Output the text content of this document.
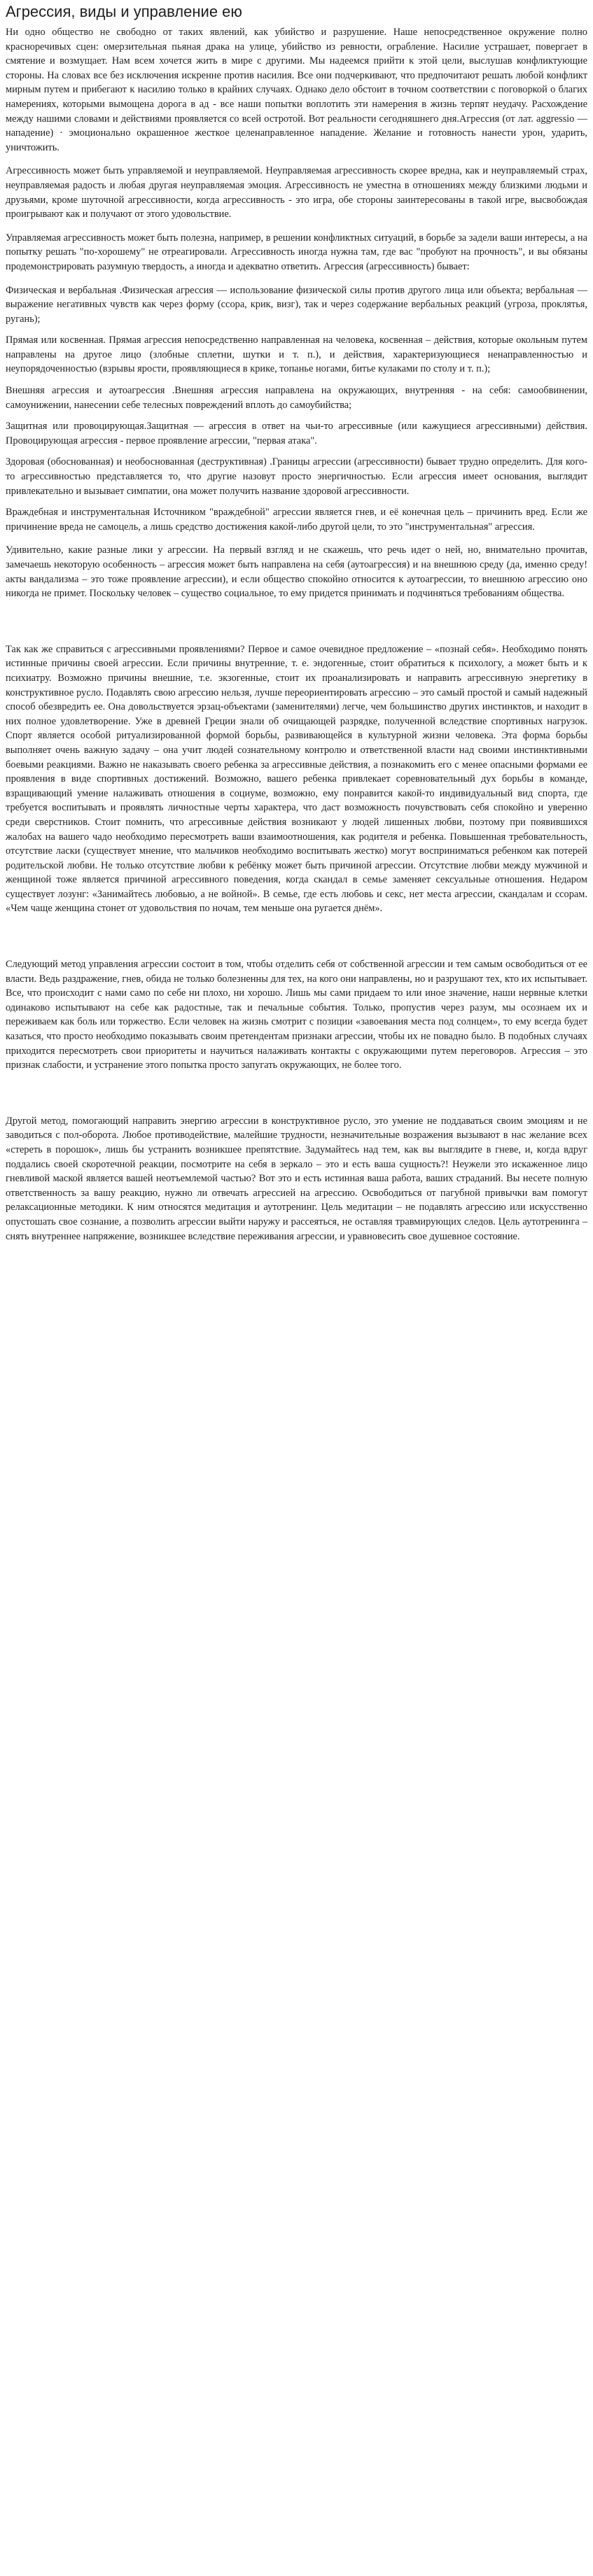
Агрессия, виды и управление ею

Ни одно общество не свободно от таких явлений, как убийство и разрушение. Наше непосредственное окружение полно красноречивых сцен: омерзительная пьяная драка на улице, убийство из ревности, ограбление. Насилие устрашает, повергает в смятение и возмущает. Нам всем хочется жить в мире с другими. Мы надеемся прийти к этой цели, выслушав конфликтующие стороны. На словах все без исключения искренне против насилия. Все они подчеркивают, что предпочитают решать любой конфликт мирным путем и прибегают к насилию только в крайних случаях. Однако дело обстоит в точном соответствии с поговоркой о благих намерениях, которыми вымощена дорога в ад - все наши попытки воплотить эти намерения в жизнь терпят неудачу. Расхождение между нашими словами и действиями проявляется со всей остротой. Вот реальности сегодняшнего дня.Агрессия (от лат. aggressio — нападение) · эмоционально окрашенное жесткое целенаправленное нападение. Желание и готовность нанести урон, ударить, уничтожить.

Агрессивность может быть управляемой и неуправляемой. Неуправляемая агрессивность скорее вредна, как и неуправляемый страх, неуправляемая радость и любая другая неуправляемая эмоция. Агрессивность не уместна в отношениях между близкими людьми и друзьями, кроме шуточной агрессивности, когда агрессивность - это игра, обе стороны заинтересованы в такой игре, высвобождая проигрывают как и получают от этого удовольствие.

Управляемая агрессивность может быть полезна, например, в решении конфликтных ситуаций, в борьбе за задели ваши интересы, а на попытку решать "по-хорошему" не отреагировали. Агрессивность иногда нужна там, где вас "пробуют на прочность", и вы обязаны продемонстрировать разумную твердость, а иногда и адекватно ответить. Агрессия (агрессивность) бывает:

Физическая и вербальная .Физическая агрессия — использование физической силы против другого лица или объекта; вербальная — выражение негативных чувств как через форму (ссора, крик, визг), так и через содержание вербальных реакций (угроза, проклятья, ругань);

Прямая или косвенная. Прямая агрессия непосредственно направленная на человека, косвенная – действия, которые окольным путем направлены на другое лицо (злобные сплетни, шутки и т. п.), и действия, характеризующиеся ненаправленностью и неупорядоченностью (взрывы ярости, проявляющиеся в крике, топанье ногами, битье кулаками по столу и т. п.);

Внешняя агрессия и аутоагрессия .Внешняя агрессия направлена на окружающих, внутренняя - на себя: самообвинении, самоунижении, нанесении себе телесных повреждений вплоть до самоубийства;

Защитная или провоцирующая.Защитная — агрессия в ответ на чьи-то агрессивные (или кажущиеся агрессивными) действия. Провоцирующая агрессия - первое проявление агрессии, "первая атака".

Здоровая (обоснованная) и необоснованная (деструктивная) .Границы агрессии (агрессивности) бывает трудно определить. Для кого-то агрессивностью представляется то, что другие назовут просто энергичностью. Если агрессия имеет основания, выглядит привлекательно и вызывает симпатии, она может получить название здоровой агрессивности.

Враждебная и инструментальная Источником "враждебной" агрессии является гнев, и её конечная цель – причинить вред. Если же причинение вреда не самоцель, а лишь средство достижения какой-либо другой цели, то это "инструментальная" агрессия.

Удивительно, какие разные лики у агрессии. На первый взгляд и не скажешь, что речь идет о ней, но, внимательно прочитав, замечаешь некоторую особенность – агрессия может быть направлена на себя (аутоагрессия) и на внешнюю среду (да, именно среду! акты вандализма – это тоже проявление агрессии), и если общество спокойно относится к аутоагрессии, то внешнюю агрессию оно никогда не примет. Поскольку человек – существо социальное, то ему придется принимать и подчиняться требованиям общества.

Так как же справиться с агрессивными проявлениями? Первое и самое очевидное предложение – «познай себя». Необходимо понять истинные причины своей агрессии. Если причины внутренние, т. е. эндогенные, стоит обратиться к психологу, а может быть и к психиатру. Возможно причины внешние, т.е. экзогенные, стоит их проанализировать и направить агрессивную энергетику в конструктивное русло. Подавлять свою агрессию нельзя, лучше переориентировать агрессию – это самый простой и самый надежный способ обезвредить ее. Она довольствуется эрзац-объектами (заменителями) легче, чем большинство других инстинктов, и находит в них полное удовлетворение. Уже в древней Греции знали об очищающей разрядке, полученной вследствие спортивных нагрузок. Спорт является особой ритуализированной формой борьбы, развивающейся в культурной жизни человека. Эта форма борьбы выполняет очень важную задачу – она учит людей сознательному контролю и ответственной власти над своими инстинктивными боевыми реакциями. Важно не наказывать своего ребенка за агрессивные действия, а познакомить его с менее опасными формами ее проявления в виде спортивных достижений. Возможно, вашего ребенка привлекает соревновательный дух борьбы в команде, взращивающий умение налаживать отношения в социуме, возможно, ему понравится какой-то индивидуальный вид спорта, где требуется воспитывать и проявлять личностные черты характера, что даст возможность почувствовать себя спокойно и уверенно среди сверстников. Стоит помнить, что агрессивные действия возникают у людей лишенных любви, поэтому при появившихся жалобах на вашего чадо необходимо пересмотреть ваши взаимоотношения, как родителя и ребенка. Повышенная требовательность, отсутствие ласки (существует мнение, что мальчиков необходимо воспитывать жестко) могут восприниматься ребенком как потерей родительской любви. Не только отсутствие любви к ребёнку может быть причиной агрессии. Отсутствие любви между мужчиной и женщиной тоже является причиной агрессивного поведения, когда скандал в семье заменяет сексуальные отношения. Недаром существует лозунг: «Занимайтесь любовью, а не войной». В семье, где есть любовь и секс, нет места агрессии, скандалам и ссорам. «Чем чаще женщина стонет от удовольствия по ночам, тем меньше она ругается днём».

Следующий метод управления агрессии состоит в том, чтобы отделить себя от собственной агрессии и тем самым освободиться от ее власти. Ведь раздражение, гнев, обида не только болезненны для тех, на кого они направлены, но и разрушают тех, кто их испытывает. Все, что происходит с нами само по себе ни плохо, ни хорошо. Лишь мы сами придаем то или иное значение, наши нервные клетки одинаково испытывают на себе как радостные, так и печальные события. Только, пропустив через разум, мы осознаем их и переживаем как боль или торжество. Если человек на жизнь смотрит с позиции «завоевания места под солнцем», то ему всегда будет казаться, что просто необходимо показывать своим претендентам признаки агрессии, чтобы их не повадно было. В подобных случаях приходится пересмотреть свои приоритеты и научиться налаживать контакты с окружающими путем переговоров. Агрессия – это признак слабости, и устранение этого попытка просто запугать окружающих, не более того.

Другой метод, помогающий направить энергию агрессии в конструктивное русло, это умение не поддаваться своим эмоциям и не заводиться с пол-оборота. Любое противодействие, малейшие трудности, незначительные возражения вызывают в нас желание всех «стереть в порошок», лишь бы устранить возникшее препятствие. Задумайтесь над тем, как вы выглядите в гневе, и, когда вдруг поддались своей скоротечной реакции, посмотрите на себя в зеркало – это и есть ваша сущность?! Неужели это искаженное лицо гневливой маской является вашей неотъемлемой частью? Вот это и есть истинная ваша работа, ваших страданий. Вы несете полную ответственность за вашу реакцию, нужно ли отвечать агрессией на агрессию. Освободиться от пагубной привычки вам помогут релаксационные методики. К ним относятся медитация и аутотренинг. Цель медитации – не подавлять агрессию или искусственно опустошать свое сознание, а позволить агрессии выйти наружу и рассеяться, не оставляя травмирующих следов. Цель аутотренинга – снять внутреннее напряжение, возникшее вследствие переживания агрессии, и уравновесить свое душевное состояние.
